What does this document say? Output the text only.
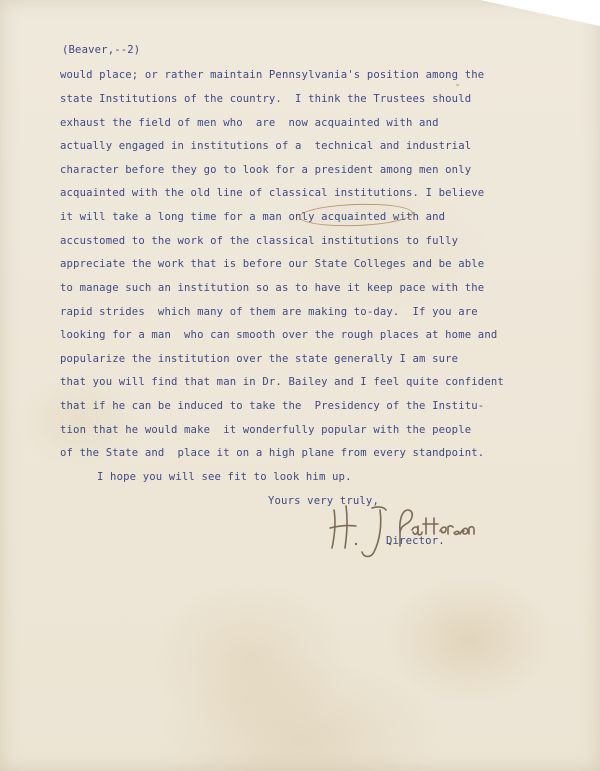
(Beaver,--2)
would place; or rather maintain Pennsylvania's position among the
state Institutions of the country.  I think the Trustees should
exhaust the field of men who  are  now acquainted with and
actually engaged in institutions of a  technical and industrial
character before they go to look for a president among men only
acquainted with the old line of classical institutions. I believe
it will take a long time for a man only acquainted with and
accustomed to the work of the classical institutions to fully
appreciate the work that is before our State Colleges and be able
to manage such an institution so as to have it keep pace with the
rapid strides  which many of them are making to-day.  If you are
looking for a man  who can smooth over the rough places at home and
popularize the institution over the state generally I am sure
that you will find that man in Dr. Bailey and I feel quite confident
that if he can be induced to take the  Presidency of the Institu-
tion that he would make  it wonderfully popular with the people
of the State and  place it on a high plane from every standpoint.
I hope you will see fit to look him up.
Yours very truly,
ˇ
Director.
